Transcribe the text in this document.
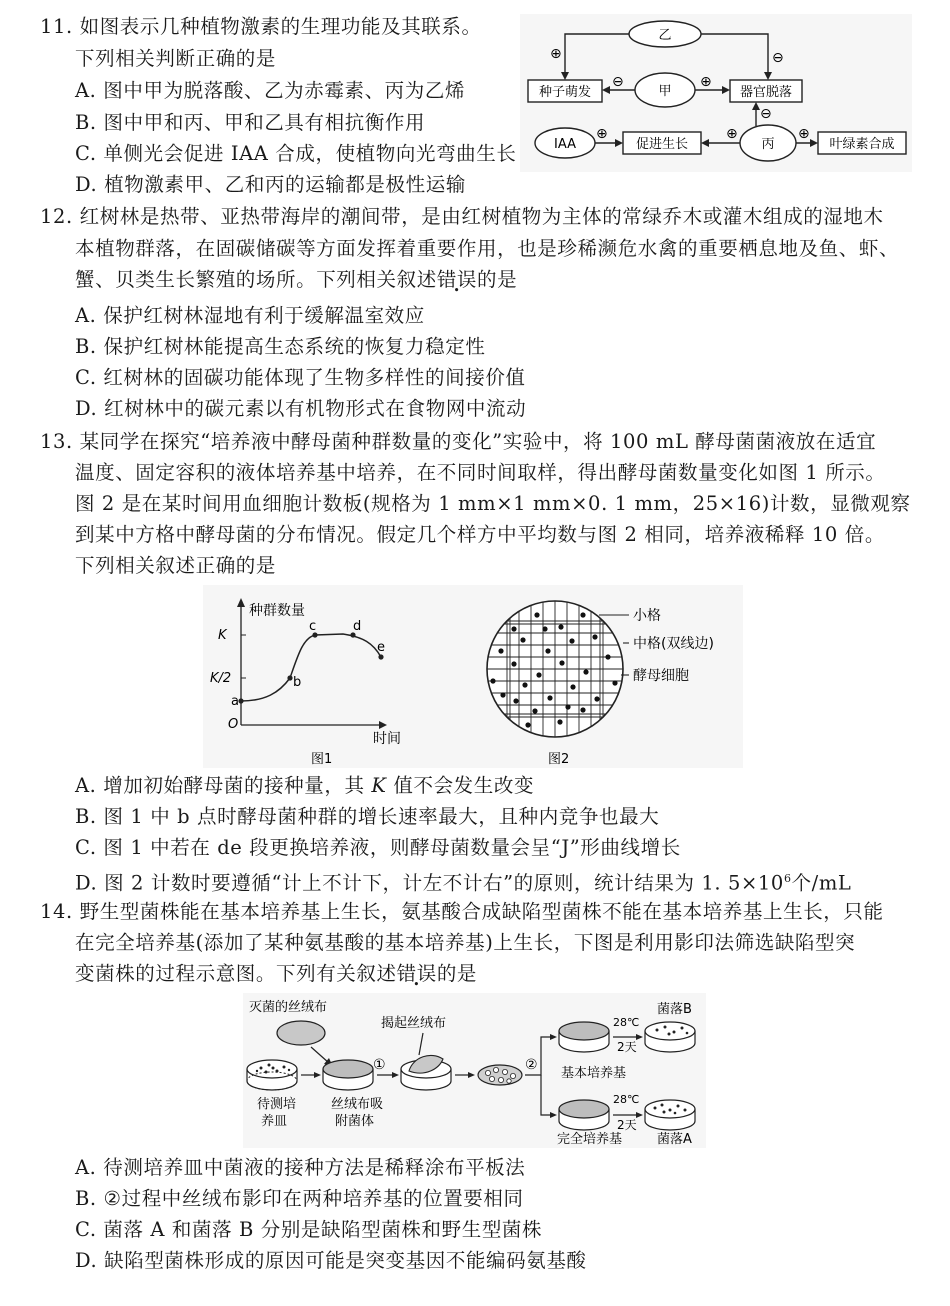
11. 如图表示几种植物激素的生理功能及其联系。
下列相关判断正确的是
A. 图中甲为脱落酸、乙为赤霉素、丙为乙烯
B. 图中甲和丙、甲和乙具有相抗衡作用
C. 单侧光会促进 IAA 合成，使植物向光弯曲生长
D. 植物激素甲、乙和丙的运输都是极性运输
乙
种子萌发	甲	器官脱落
IAA	促进生长	丙	叶绿素合成
⊕	⊖
⊖	⊕
⊕	⊕
⊖
⊕
12. 红树林是热带、亚热带海岸的潮间带，是由红树植物为主体的常绿乔木或灌木组成的湿地木
本植物群落，在固碳储碳等方面发挥着重要作用，也是珍稀濒危水禽的重要栖息地及鱼、虾、
蟹、贝类生长繁殖的场所。下列相关叙述错误的是
A. 保护红树林湿地有利于缓解温室效应
B. 保护红树林能提高生态系统的恢复力稳定性
C. 红树林的固碳功能体现了生物多样性的间接价值
D. 红树林中的碳元素以有机物形式在食物网中流动
13. 某同学在探究“培养液中酵母菌种群数量的变化”实验中，将 100 mL 酵母菌菌液放在适宜
温度、固定容积的液体培养基中培养，在不同时间取样，得出酵母菌数量变化如图 1 所示。
图 2 是在某时间用血细胞计数板(规格为 1 mm×1 mm×0. 1 mm，25×16)计数，显微观察
到某中方格中酵母菌的分布情况。假定几个样方中平均数与图 2 相同，培养液稀释 10 倍。
下列相关叙述正确的是
种群数量
时间
K
K/2
O
a
b
c	d
e
图1
小格
中格(双线边)
酵母细胞
图2
A. 增加初始酵母菌的接种量，其 K 值不会发生改变
B. 图 1 中 b 点时酵母菌种群的增长速率最大，且种内竞争也最大
C. 图 1 中若在 de 段更换培养液，则酵母菌数量会呈“J”形曲线增长
D. 图 2 计数时要遵循“计上不计下，计左不计右”的原则，统计结果为 1. $5\times 10^6$个/mL
14. 野生型菌株能在基本培养基上生长，氨基酸合成缺陷型菌株不能在基本培养基上生长，只能
在完全培养基(添加了某种氨基酸的基本培养基)上生长，下图是利用影印法筛选缺陷型突
变菌株的过程示意图。下列有关叙述错误的是
灭菌的丝绒布
待测培
养皿
丝绒布吸
附菌体
①
揭起丝绒布
②
基本培养基
28℃
2天
菌落B
完全培养基
28℃
2天
菌落A
A. 待测培养皿中菌液的接种方法是稀释涂布平板法
B. ②过程中丝绒布影印在两种培养基的位置要相同
C. 菌落 A 和菌落 B 分别是缺陷型菌株和野生型菌株
D. 缺陷型菌株形成的原因可能是突变基因不能编码氨基酸
